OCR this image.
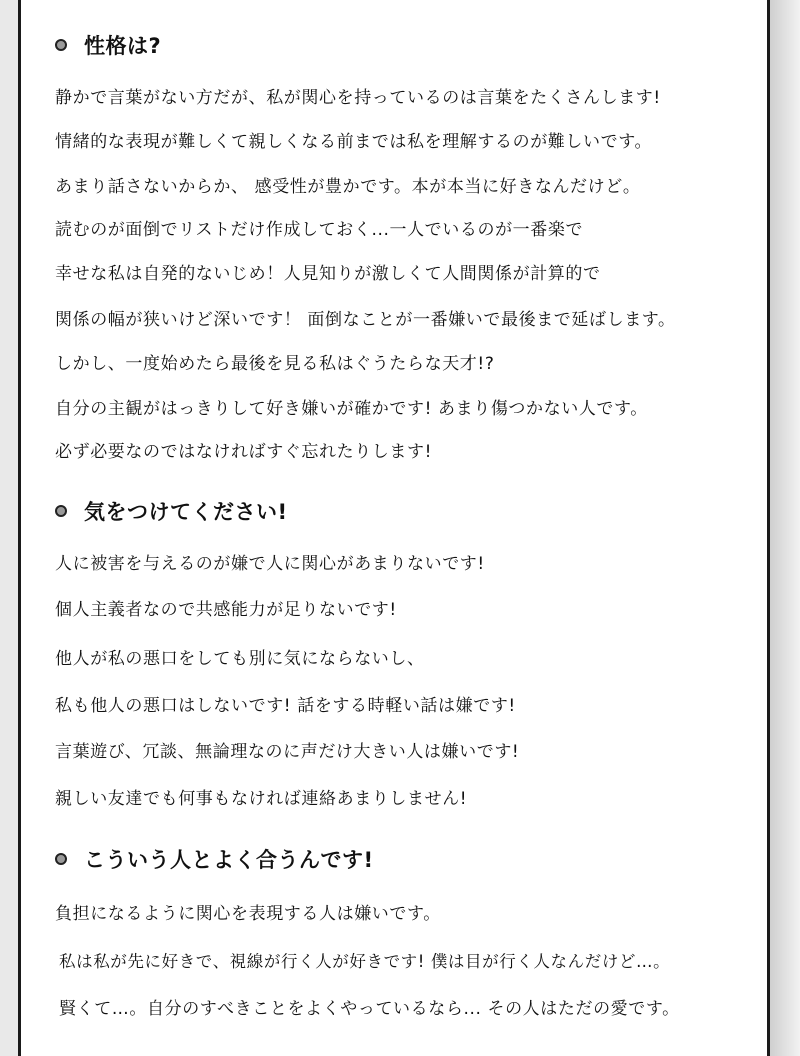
性格は?
静かで言葉がない方だが、私が関心を持っているのは言葉をたくさんします!
情緒的な表現が難しくて親しくなる前までは私を理解するのが難しいです。
あまり話さないからか、 感受性が豊かです。本が本当に好きなんだけど。
読むのが面倒でリストだけ作成しておく...一人でいるのが一番楽で
幸せな私は自発的ないじめ！人見知りが激しくて人間関係が計算的で
関係の幅が狭いけど深いです！ 面倒なことが一番嫌いで最後まで延ばします。
しかし、一度始めたら最後を見る私はぐうたらな天才!?
自分の主観がはっきりして好き嫌いが確かです! あまり傷つかない人です。
必ず必要なのではなければすぐ忘れたりします!
気をつけてください!
人に被害を与えるのが嫌で人に関心があまりないです!
個人主義者なので共感能力が足りないです!
他人が私の悪口をしても別に気にならないし、
私も他人の悪口はしないです! 話をする時軽い話は嫌です!
言葉遊び、冗談、無論理なのに声だけ大きい人は嫌いです!
親しい友達でも何事もなければ連絡あまりしません!
こういう人とよく合うんです!
負担になるように関心を表現する人は嫌いです。
私は私が先に好きで、視線が行く人が好きです! 僕は目が行く人なんだけど…。
賢くて…。自分のすべきことをよくやっているなら... その人はただの愛です。
